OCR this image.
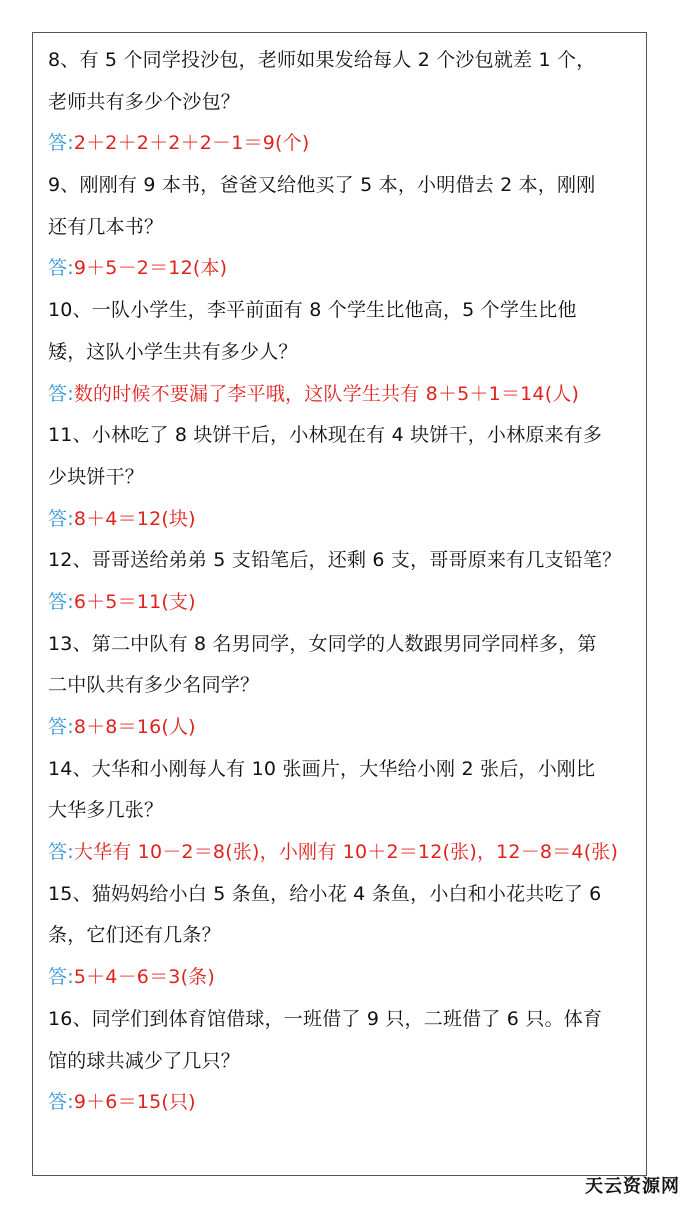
8、有 5 个同学投沙包，老师如果发给每人 2 个沙包就差 1 个，
老师共有多少个沙包？
答:2＋2＋2＋2＋2－1＝9(个)
9、刚刚有 9 本书，爸爸又给他买了 5 本，小明借去 2 本，刚刚
还有几本书？
答:9＋5－2＝12(本)
10、一队小学生，李平前面有 8 个学生比他高，5 个学生比他
矮，这队小学生共有多少人？
答:数的时候不要漏了李平哦，这队学生共有 8＋5＋1＝14(人)
11、小林吃了 8 块饼干后，小林现在有 4 块饼干，小林原来有多
少块饼干？
答:8＋4＝12(块)
12、哥哥送给弟弟 5 支铅笔后，还剩 6 支，哥哥原来有几支铅笔？
答:6＋5＝11(支)
13、第二中队有 8 名男同学，女同学的人数跟男同学同样多，第
二中队共有多少名同学？
答:8＋8＝16(人)
14、大华和小刚每人有 10 张画片，大华给小刚 2 张后，小刚比
大华多几张？
答:大华有 10－2＝8(张)，小刚有 10＋2＝12(张)，12－8＝4(张)
15、猫妈妈给小白 5 条鱼，给小花 4 条鱼，小白和小花共吃了 6
条，它们还有几条？
答:5＋4－6＝3(条)
16、同学们到体育馆借球，一班借了 9 只，二班借了 6 只。体育
馆的球共减少了几只？
答:9＋6＝15(只)
天云资源网
